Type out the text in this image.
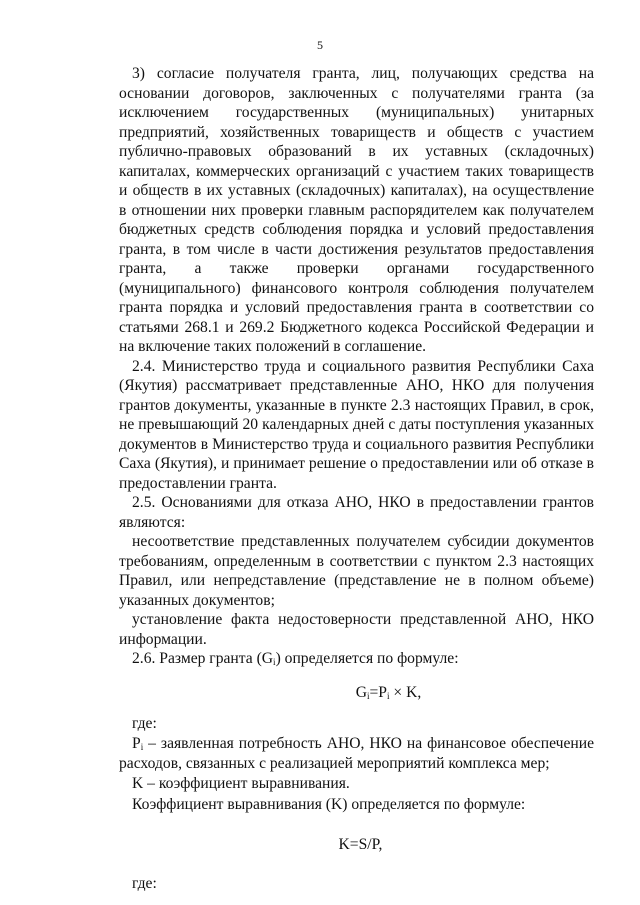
5

3) согласие получателя гранта, лиц, получающих средства на основании договоров, заключенных с получателями гранта (за исключением государственных (муниципальных) унитарных предприятий, хозяйственных товариществ и обществ с участием публично-правовых образований в их уставных (складочных) капиталах, коммерческих организаций с участием таких товариществ и обществ в их уставных (складочных) капиталах), на осуществление в отношении них проверки главным распорядителем как получателем бюджетных средств соблюдения порядка и условий предоставления гранта, в том числе в части достижения результатов предоставления гранта, а также проверки органами государственного (муниципального) финансового контроля соблюдения получателем гранта порядка и условий предоставления гранта в соответствии со статьями 268.1 и 269.2 Бюджетного кодекса Российской Федерации и на включение таких положений в соглашение.

2.4. Министерство труда и социального развития Республики Саха (Якутия) рассматривает представленные АНО, НКО для получения грантов документы, указанные в пункте 2.3 настоящих Правил, в срок, не превышающий 20 календарных дней с даты поступления указанных документов в Министерство труда и социального развития Республики Саха (Якутия), и принимает решение о предоставлении или об отказе в предоставлении гранта.

2.5. Основаниями для отказа АНО, НКО в предоставлении грантов являются:

несоответствие представленных получателем субсидии документов требованиям, определенным в соответствии с пунктом 2.3 настоящих Правил, или непредставление (представление не в полном объеме) указанных документов;

установление факта недостоверности представленной АНО, НКО информации.

2.6. Размер гранта $(G_i)$ определяется по формуле:

$G_i=P_i \times K$,

где:

$P_i$ – заявленная потребность АНО, НКО на финансовое обеспечение расходов, связанных с реализацией мероприятий комплекса мер;

K – коэффициент выравнивания.

Коэффициент выравнивания (K) определяется по формуле:

K=S/P,

где:
